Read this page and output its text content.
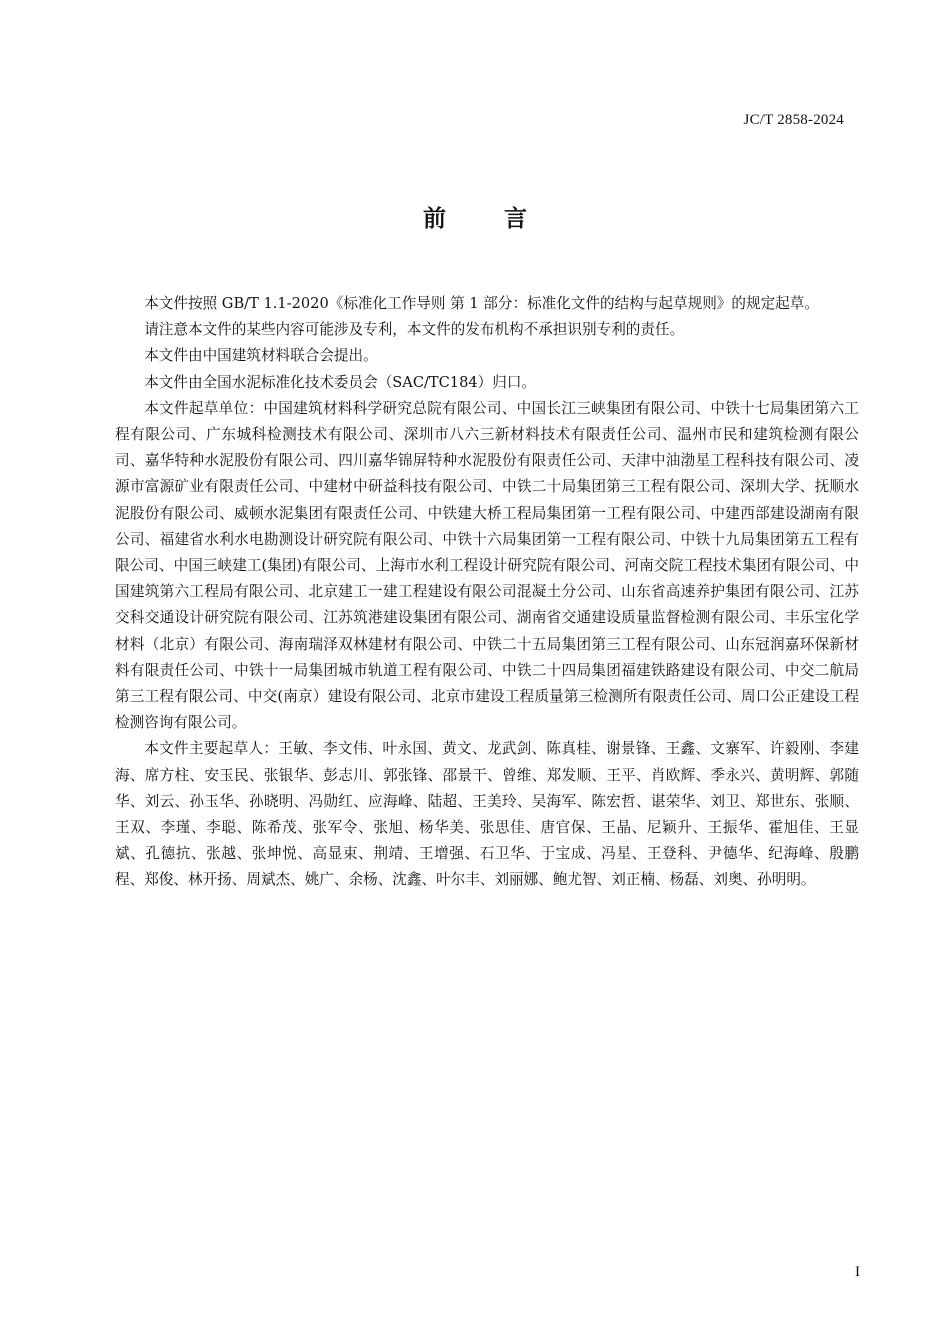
JC/T 2858-2024
前言

本文件按照 GB/T 1.1-2020《标准化工作导则 第 1 部分：标准化文件的结构与起草规则》的规定起草。

请注意本文件的某些内容可能涉及专利，本文件的发布机构不承担识别专利的责任。

本文件由中国建筑材料联合会提出。

本文件由全国水泥标准化技术委员会（SAC/TC184）归口。

本文件起草单位：中国建筑材料科学研究总院有限公司、中国长江三峡集团有限公司、中铁十七局集团第六工程有限公司、广东城科检测技术有限公司、深圳市八六三新材料技术有限责任公司、温州市民和建筑检测有限公司、嘉华特种水泥股份有限公司、四川嘉华锦屏特种水泥股份有限责任公司、天津中油渤星工程科技有限公司、凌源市富源矿业有限责任公司、中建材中研益科技有限公司、中铁二十局集团第三工程有限公司、深圳大学、抚顺水泥股份有限公司、威顿水泥集团有限责任公司、中铁建大桥工程局集团第一工程有限公司、中建西部建设湖南有限公司、福建省水利水电勘测设计研究院有限公司、中铁十六局集团第一工程有限公司、中铁十九局集团第五工程有限公司、中国三峡建工(集团)有限公司、上海市水利工程设计研究院有限公司、河南交院工程技术集团有限公司、中国建筑第六工程局有限公司、北京建工一建工程建设有限公司混凝土分公司、山东省高速养护集团有限公司、江苏交科交通设计研究院有限公司、江苏筑港建设集团有限公司、湖南省交通建设质量监督检测有限公司、丰乐宝化学材料（北京）有限公司、海南瑞泽双林建材有限公司、中铁二十五局集团第三工程有限公司、山东冠润嘉环保新材料有限责任公司、中铁十一局集团城市轨道工程有限公司、中铁二十四局集团福建铁路建设有限公司、中交二航局第三工程有限公司、中交(南京）建设有限公司、北京市建设工程质量第三检测所有限责任公司、周口公正建设工程检测咨询有限公司。

本文件主要起草人：王敏、李文伟、叶永国、黄文、龙武剑、陈真桂、谢景锋、王鑫、文寨军、许毅刚、李建海、席方柱、安玉民、张银华、彭志川、郭张锋、邵景干、曾维、郑发顺、王平、肖欧辉、季永兴、黄明辉、郭随华、刘云、孙玉华、孙晓明、冯勋红、应海峰、陆超、王美玲、吴海军、陈宏哲、谌荣华、刘卫、郑世东、张顺、王双、李瑾、李聪、陈希茂、张军令、张旭、杨华美、张思佳、唐官保、王晶、尼颖升、王振华、霍旭佳、王显斌、孔德抗、张越、张坤悦、高显束、荆靖、王增强、石卫华、于宝成、冯星、王登科、尹德华、纪海峰、殷鹏程、郑俊、林开扬、周斌杰、姚广、余杨、沈鑫、叶尔丰、刘丽娜、鲍尤智、刘正楠、杨磊、刘奥、孙明明。

I
